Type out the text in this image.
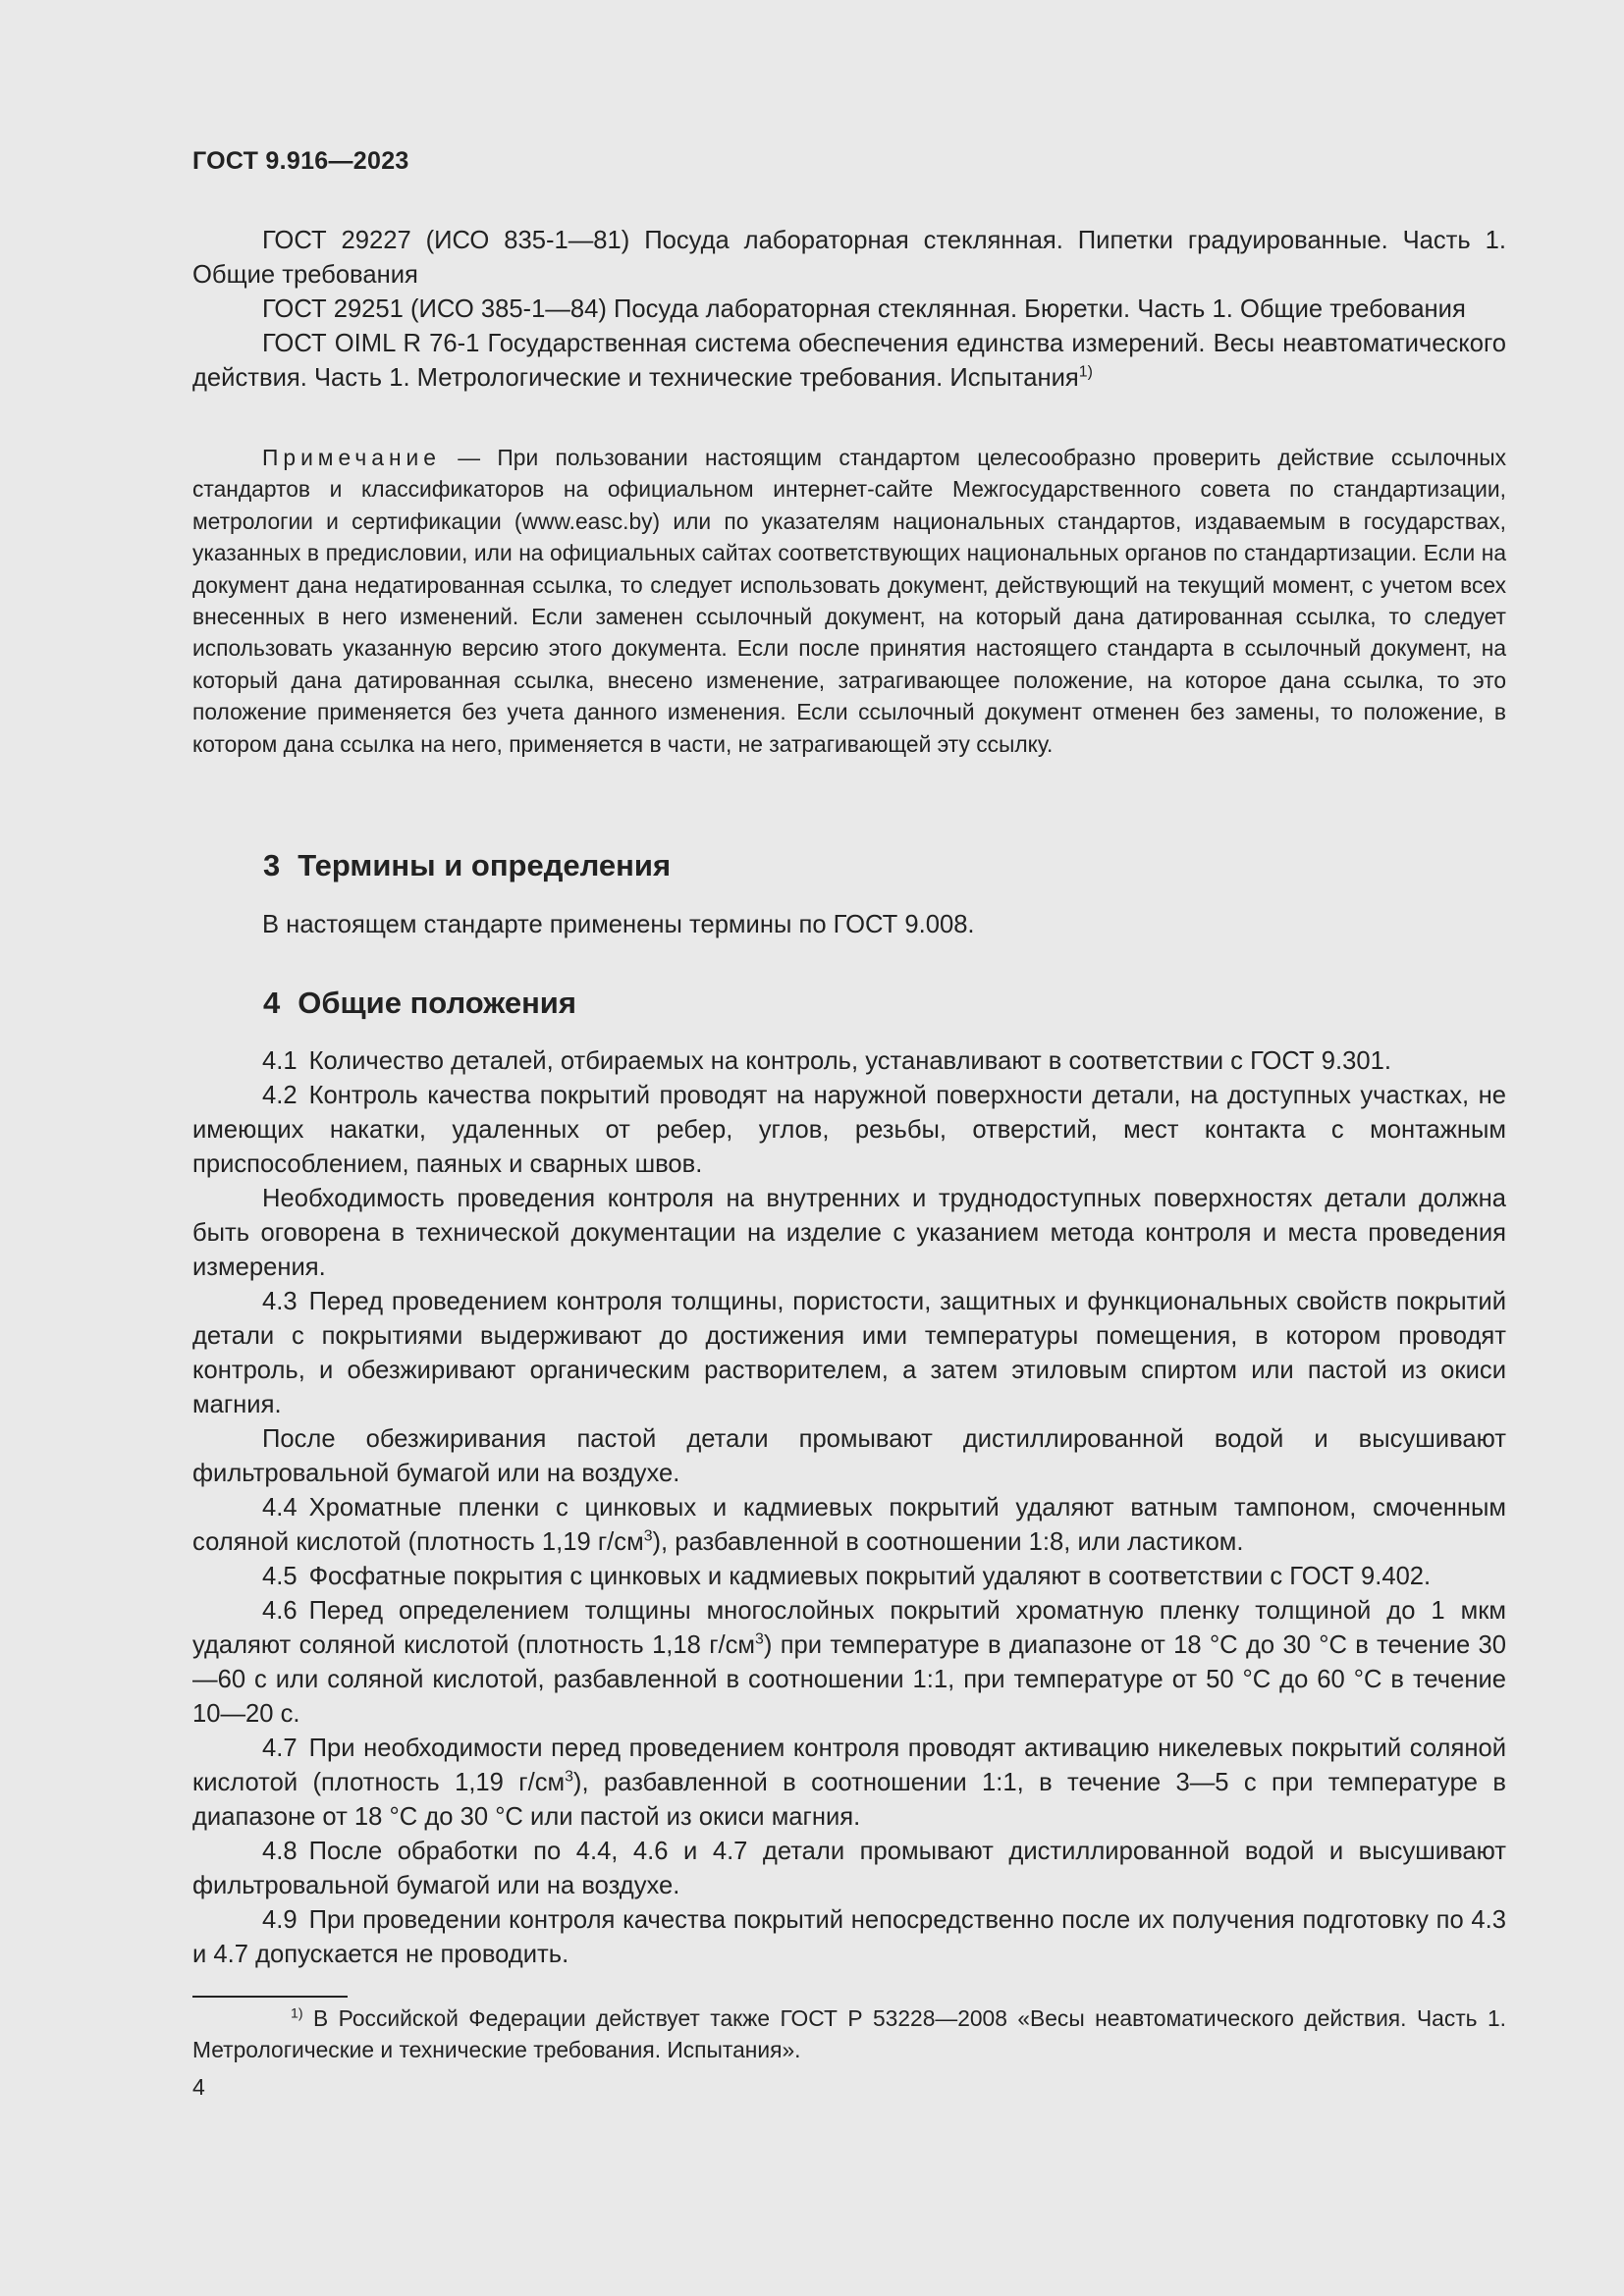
ГОСТ 9.916—2023

ГОСТ 29227 (ИСО 835-1—81) Посуда лабораторная стеклянная. Пипетки градуированные. Часть 1. Общие требования

ГОСТ 29251 (ИСО 385-1—84) Посуда лабораторная стеклянная. Бюретки. Часть 1. Общие требования

ГОСТ OIML R 76-1 Государственная система обеспечения единства измерений. Весы неавтоматического действия. Часть 1. Метрологические и технические требования. Испытания$^{1)}$

Примечание — При пользовании настоящим стандартом целесообразно проверить действие ссылочных стандартов и классификаторов на официальном интернет-сайте Межгосударственного совета по стандартизации, метрологии и сертификации (www.easc.by) или по указателям национальных стандартов, издаваемым в государствах, указанных в предисловии, или на официальных сайтах соответствующих национальных органов по стандартизации. Если на документ дана недатированная ссылка, то следует использовать документ, действующий на текущий момент, с учетом всех внесенных в него изменений. Если заменен ссылочный документ, на который дана датированная ссылка, то следует использовать указанную версию этого документа. Если после принятия настоящего стандарта в ссылочный документ, на который дана датированная ссылка, внесено изменение, затрагивающее положение, на которое дана ссылка, то это положение применяется без учета данного изменения. Если ссылочный документ отменен без замены, то положение, в котором дана ссылка на него, применяется в части, не затрагивающей эту ссылку.

3 Термины и определения

В настоящем стандарте применены термины по ГОСТ 9.008.

4 Общие положения

4.1 Количество деталей, отбираемых на контроль, устанавливают в соответствии с ГОСТ 9.301.

4.2 Контроль качества покрытий проводят на наружной поверхности детали, на доступных участках, не имеющих накатки, удаленных от ребер, углов, резьбы, отверстий, мест контакта с монтажным приспособлением, паяных и сварных швов.

Необходимость проведения контроля на внутренних и труднодоступных поверхностях детали должна быть оговорена в технической документации на изделие с указанием метода контроля и места проведения измерения.

4.3 Перед проведением контроля толщины, пористости, защитных и функциональных свойств покрытий детали с покрытиями выдерживают до достижения ими температуры помещения, в котором проводят контроль, и обезжиривают органическим растворителем, а затем этиловым спиртом или пастой из окиси магния.

После обезжиривания пастой детали промывают дистиллированной водой и высушивают фильтровальной бумагой или на воздухе.

4.4 Хроматные пленки с цинковых и кадмиевых покрытий удаляют ватным тампоном, смоченным соляной кислотой (плотность 1,19 $г/см^3$), разбавленной в соотношении 1:8, или ластиком.

4.5 Фосфатные покрытия с цинковых и кадмиевых покрытий удаляют в соответствии с ГОСТ 9.402.

4.6 Перед определением толщины многослойных покрытий хроматную пленку толщиной до 1 мкм удаляют соляной кислотой (плотность 1,18 $г/см^3$) при температуре в диапазоне от 18 °С до 30 °С в течение 30—60 с или соляной кислотой, разбавленной в соотношении 1:1, при температуре от 50 °С до 60 °С в течение 10—20 с.

4.7 При необходимости перед проведением контроля проводят активацию никелевых покрытий соляной кислотой (плотность 1,19 $г/см^3$), разбавленной в соотношении 1:1, в течение 3—5 с при температуре в диапазоне от 18 °С до 30 °С или пастой из окиси магния.

4.8 После обработки по 4.4, 4.6 и 4.7 детали промывают дистиллированной водой и высушивают фильтровальной бумагой или на воздухе.

4.9 При проведении контроля качества покрытий непосредственно после их получения подготовку по 4.3 и 4.7 допускается не проводить.

$^{1)}$ В Российской Федерации действует также ГОСТ Р 53228—2008 «Весы неавтоматического действия. Часть 1. Метрологические и технические требования. Испытания».

4
